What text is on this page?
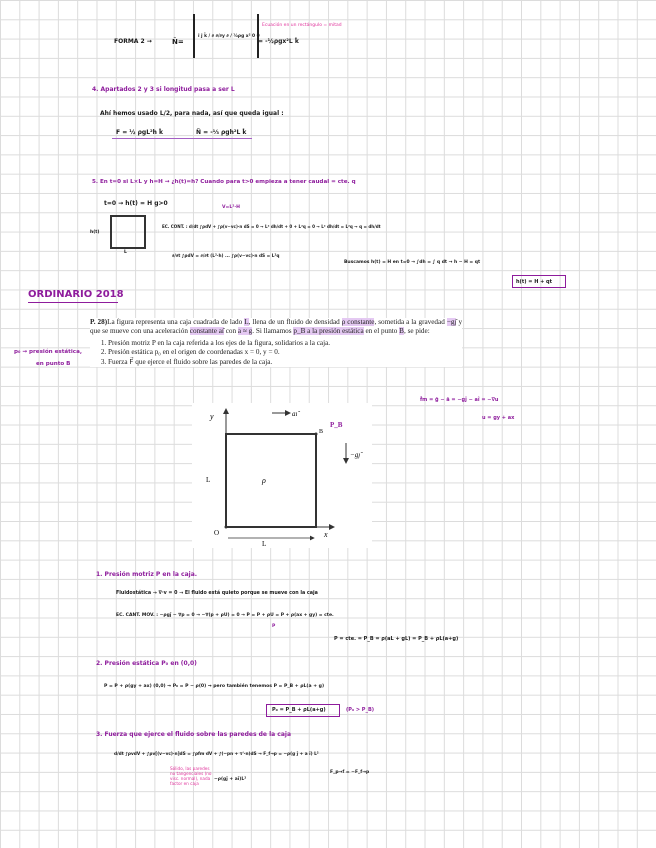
FORMA 2 →	Ñ=
î ĵ k̂ / ∂ ∂/∂y ∂ / ½ρg x² 0 0
= -½ρgx²L k̂
Ecuación en un rectángulo = mitad
4. Apartados 2 y 3 si longitud pasa a ser L
Ahí hemos usado L/2, para nada, así que queda igual :
F = ½ ρgL²h k̂	Ñ = -⅓ ρgh²L k̂
5. En t=0 si L×L y h=H → ¿h(t)=h? Cuando para t>0 empieza a tener caudal = cte. q
t=0 → h(t) = H g>0
V=L²·H
h(t)
L
EC. CONT. : d/dt ∫ρdV + ∫ρ(v−vc)·n dS = 0 → L² dh/dt + 0 + L²q = 0 → L² dh/dt = L²q → q = dh/dt
∂/∂t ∫ρdV = ∂/∂t (L²·h) ... ∫ρ(v−vc)·n dS = L²q
Buscamos h(t) = H en t=0 → ∫dh = ∫ q dt → h − H = qt
h(t) = H + qt
ORDINARIO 2018
p₀ → presión estática,
en punto B

P. 28)La figura representa una caja cuadrada de lado L, llena de un fluido de densidad ρ constante, sometida a la gravedad −gȷ̂ y que se mueve con una aceleración constante aı̂ con a ≈ g. Si llamamos p_B a la presión estática en el punto B, se pide:

1. Presión motriz P en la caja referida a los ejes de la figura, solidarios a la caja.
2. Presión estática p₀ en el origen de coordenadas x = 0, y = 0.
3. Fuerza F⃗ que ejerce el fluido sobre las paredes de la caja.
y
x
O
L
L
ρ
B
aı̂
−gȷ̂
P_B
f̄m = ḡ − ā = −gȷ̂ − aı̂ = −∇u
u = gy + ax
1. Presión motriz P en la caja.
Fluidostática → ∇·v = 0 → El fluido está quieto porque se mueve con la caja
EC. CANT. MOV. : −ρgȷ̂ − ∇p = 0 → −∇(p + ρU) = 0 → P = P + ρU = P + ρ(ax + gy) = cte.
P
P = cte. = P_B = ρ(aL + gL) = P_B + ρL(a+g)
2. Presión estática P₀ en (0,0)
P = P + ρ(gy + ax) (0,0) → P₀ = P − ρ(0) → pero también tenemos P = P_B + ρL(a + g)
P₀ = P_B + ρL(a+g)	(P₀ > P_B)
3. Fuerza que ejerce el fluido sobre las paredes de la caja
d/dt ∫ρvdV + ∫ρv[(v−vc)·n]dS = ∫ρfm dV + ∫(−pn + τ'·n)dS → F_f→p = −ρ(g ȷ̂ + a ı̂) L²
−ρ(gȷ̂ + aı̂)L²
F_p→f = −F_f→p
Sólido, las paredes
no tangenciales (no
visc. normal), nada
factor en caja
